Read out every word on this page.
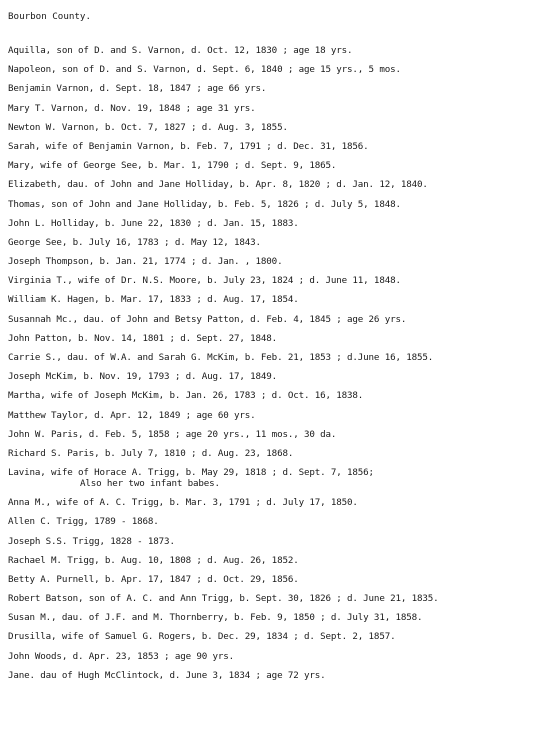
Bourbon County.
Aquilla, son of D. and S. Varnon, d. Oct. 12, 1830 ; age 18 yrs.
Napoleon, son of D. and S. Varnon, d. Sept. 6, 1840 ; age 15 yrs., 5 mos.
Benjamin Varnon, d. Sept. 18, 1847 ; age 66 yrs.
Mary T. Varnon, d. Nov. 19, 1848 ; age 31 yrs.
Newton W. Varnon, b. Oct. 7, 1827 ; d. Aug. 3, 1855.
Sarah, wife of Benjamin Varnon, b. Feb. 7, 1791 ; d. Dec. 31, 1856.
Mary, wife of George See, b. Mar. 1, 1790 ; d. Sept. 9, 1865.
Elizabeth, dau. of John and Jane Holliday, b. Apr. 8, 1820 ; d. Jan. 12, 1840.
Thomas, son of John and Jane Holliday, b. Feb. 5, 1826 ; d. July 5, 1848.
John L. Holliday, b. June 22, 1830 ; d. Jan. 15, 1883.
George See, b. July 16, 1783 ; d. May 12, 1843.
Joseph Thompson, b. Jan. 21, 1774 ; d. Jan. , 1800.
Virginia T., wife of Dr. N.S. Moore, b. July 23, 1824 ; d. June 11, 1848.
William K. Hagen, b. Mar. 17, 1833 ; d. Aug. 17, 1854.
Susannah Mc., dau. of John and Betsy Patton, d. Feb. 4, 1845 ; age 26 yrs.
John Patton, b. Nov. 14, 1801 ; d. Sept. 27, 1848.
Carrie S., dau. of W.A. and Sarah G. McKim, b. Feb. 21, 1853 ; d.June 16, 1855.
Joseph McKim, b. Nov. 19, 1793 ; d. Aug. 17, 1849.
Martha, wife of Joseph McKim, b. Jan. 26, 1783 ; d. Oct. 16, 1838.
Matthew Taylor, d. Apr. 12, 1849 ; age 60 yrs.
John W. Paris, d. Feb. 5, 1858 ; age 20 yrs., 11 mos., 30 da.
Richard S. Paris, b. July 7, 1810 ; d. Aug. 23, 1868.
Lavina, wife of Horace A. Trigg, b. May 29, 1818 ; d. Sept. 7, 1856;
Also her two infant babes.
Anna M., wife of A. C. Trigg, b. Mar. 3, 1791 ; d. July 17, 1850.
Allen C. Trigg, 1789 - 1868.
Joseph S.S. Trigg, 1828 - 1873.
Rachael M. Trigg, b. Aug. 10, 1808 ; d. Aug. 26, 1852.
Betty A. Purnell, b. Apr. 17, 1847 ; d. Oct. 29, 1856.
Robert Batson, son of A. C. and Ann Trigg, b. Sept. 30, 1826 ; d. June 21, 1835.
Susan M., dau. of J.F. and M. Thornberry, b. Feb. 9, 1850 ; d. July 31, 1858.
Drusilla, wife of Samuel G. Rogers, b. Dec. 29, 1834 ; d. Sept. 2, 1857.
John Woods, d. Apr. 23, 1853 ; age 90 yrs.
Jane. dau of Hugh McClintock, d. June 3, 1834 ; age 72 yrs.
